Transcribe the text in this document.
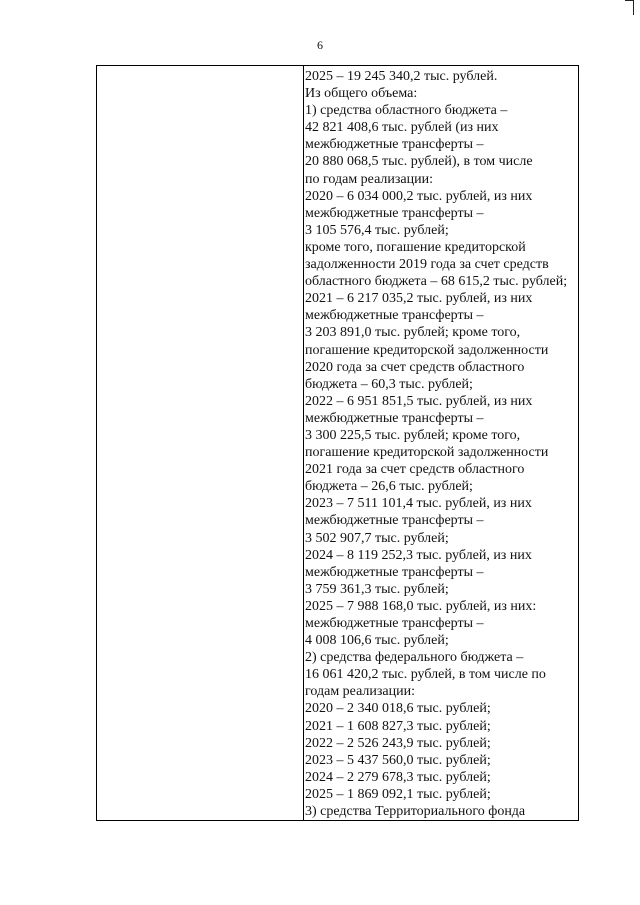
6
2025 – 19 245 340,2 тыс. рублей.
Из общего объема:
1) средства областного бюджета –
42 821 408,6 тыс. рублей (из них
межбюджетные трансферты –
20 880 068,5 тыс. рублей), в том числе
по годам реализации:
2020 – 6 034 000,2 тыс. рублей, из них
межбюджетные трансферты –
3 105 576,4 тыс. рублей;
кроме того, погашение кредиторской
задолженности 2019 года за счет средств
областного бюджета – 68 615,2 тыс. рублей;
2021 – 6 217 035,2 тыс. рублей, из них
межбюджетные трансферты –
3 203 891,0 тыс. рублей; кроме того,
погашение кредиторской задолженности
2020 года за счет средств областного
бюджета – 60,3 тыс. рублей;
2022 – 6 951 851,5 тыс. рублей, из них
межбюджетные трансферты –
3 300 225,5 тыс. рублей; кроме того,
погашение кредиторской задолженности
2021 года за счет средств областного
бюджета – 26,6 тыс. рублей;
2023 – 7 511 101,4 тыс. рублей, из них
межбюджетные трансферты –
3 502 907,7 тыс. рублей;
2024 – 8 119 252,3 тыс. рублей, из них
межбюджетные трансферты –
3 759 361,3 тыс. рублей;
2025 – 7 988 168,0 тыс. рублей, из них:
межбюджетные трансферты –
4 008 106,6 тыс. рублей;
2) средства федерального бюджета –
16 061 420,2 тыс. рублей, в том числе по
годам реализации:
2020 – 2 340 018,6 тыс. рублей;
2021 – 1 608 827,3 тыс. рублей;
2022 – 2 526 243,9 тыс. рублей;
2023 – 5 437 560,0 тыс. рублей;
2024 – 2 279 678,3 тыс. рублей;
2025 – 1 869 092,1 тыс. рублей;
3) средства Территориального фонда
